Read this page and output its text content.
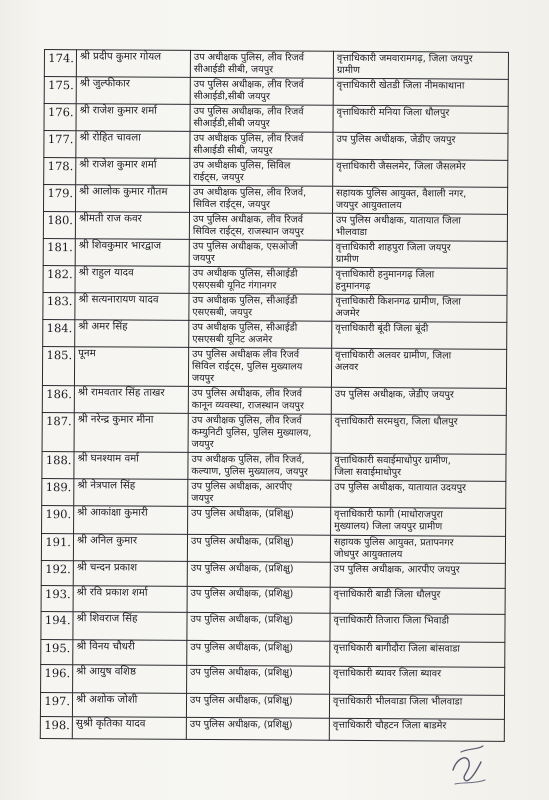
174.	श्री प्रदीप कुमार गोयल	उप अधीक्षक पुलिस, लीव रिजर्व
सीआईडी सीबी, जयपुर	वृत्ताधिकारी जमवारामगढ़, जिला जयपुर
ग्रामीण
175.	श्री जुल्फीकार	उप पुलिस अधीक्षक, लीव रिजर्व
सीआईडी,सीबी जयपुर	वृत्ताधिकारी खेतडी जिला नीमकाथाना
176.	श्री राजेश कुमार शर्मा	उप पुलिस अधीक्षक, लीव रिजर्व
सीआईडी,सीबी जयपुर	वृत्ताधिकारी मनिया जिला धौलपुर
177.	श्री रोहित चावला	उप अधीक्षक पुलिस, लीव रिजर्व
सीआईडी सीबी, जयपुर	उप पुलिस अधीक्षक, जेडीए जयपुर
178.	श्री राजेश कुमार शर्मा	उप अधीक्षक पुलिस, सिविल
राईट्स, जयपुर	वृत्ताधिकारी जैसलमेर, जिला जैसलमेर
179.	श्री आलोक कुमार गौतम	उप अधीक्षक पुलिस, लीव रिजर्व,
सिविल राईट्स, जयपुर	सहायक पुलिस आयुक्त, वैशाली नगर,
जयपुर आयुक्तालय
180.	श्रीमती राज कवर	उप पुलिस अधीक्षक, लीव रिजर्व
सिविल राईट्स, राजस्थान जयपुर	उप पुलिस अधीक्षक, यातायात जिला
भीलवाडा
181.	श्री शिवकुमार भारद्वाज	उप पुलिस अधीक्षक, एसओजी
जयपुर	वृत्ताधिकारी शाहपुरा जिला जयपुर
ग्रामीण
182.	श्री राहुल यादव	उप अधीक्षक पुलिस, सीआईडी
एसएसबी यूनिट गंगानगर	वृत्ताधिकारी हनुमानगढ़ जिला
हनुमानगढ़
183.	श्री सत्यनारायण यादव	उप अधीक्षक पुलिस, सीआईडी
एसएसबी, जयपुर	वृत्ताधिकारी किशनगढ ग्रामीण, जिला
अजमेर
184.	श्री अमर सिंह	उप अधीक्षक पुलिस, सीआईडी
एसएसबी यूनिट अजमेर	वृत्ताधिकारी बूंदी जिला बूंदी
185.	पूनम	उप पुलिस अधीक्षक लीव रिजर्व
सिविल राईट्स, पुलिस मुख्यालय
जयपुर	वृत्ताधिकारी अलवर ग्रामीण, जिला
अलवर
186.	श्री रामवतार सिंह ताखर	उप पुलिस अधीक्षक, लीव रिजर्व
कानून व्यवस्था, राजस्थान जयपुर	उप पुलिस अधीक्षक, जेडीए जयपुर
187.	श्री नरेन्द्र कुमार मीना	उप अधीक्षक पुलिस, लीव रिजर्व
कम्युनिटी पुलिस, पुलिस मुख्यालय,
जयपुर	वृत्ताधिकारी सरमथुरा, जिला धौलपुर
188.	श्री घनश्याम वर्मा	उप अधीक्षक पुलिस, लीव रिजर्व,
कल्याण, पुलिस मुख्यालय, जयपुर	वृत्ताधिकारी सवाईमाधोपुर ग्रामीण,
जिला सवाईमाधोपुर
189.	श्री नेत्रपाल सिंह	उप पुलिस अधीक्षक, आरपीए
जयपुर	उप पुलिस अधीक्षक, यातायात उदयपुर
190.	श्री आकांक्षा कुमारी	उप पुलिस अधीक्षक, (प्रशिक्षु)	वृत्ताधिकारी फागी (माधोराजपुरा
मुख्यालय) जिला जयपुर ग्रामीण
191.	श्री अनिल कुमार	उप पुलिस अधीक्षक, (प्रशिक्षु)	सहायक पुलिस आयुक्त, प्रतापनगर
जोधपुर आयुक्तालय
192.	श्री चन्दन प्रकाश	उप पुलिस अधीक्षक, (प्रशिक्षु)	उप पुलिस अधीक्षक, आरपीए जयपुर
193.	श्री रवि प्रकाश शर्मा	उप पुलिस अधीक्षक, (प्रशिक्षु)	वृत्ताधिकारी बाडी जिला धौलपुर
194.	श्री शिवराज सिंह	उप पुलिस अधीक्षक, (प्रशिक्षु)	वृत्ताधिकारी तिजारा जिला भिवाडी
195.	श्री विनय चौधरी	उप पुलिस अधीक्षक, (प्रशिक्षु)	वृत्ताधिकारी बागीदौरा जिला बांसवाडा
196.	श्री आयुष वशिष्ठ	उप पुलिस अधीक्षक, (प्रशिक्षु)	वृत्ताधिकारी ब्यावर जिला ब्यावर
197.	श्री अशोक जोशी	उप पुलिस अधीक्षक, (प्रशिक्षु)	वृत्ताधिकारी भीलवाडा जिला भीलवाडा
198.	सुश्री कृतिका यादव	उप पुलिस अधीक्षक, (प्रशिक्षु)	वृत्ताधिकारी चौहटन जिला बाडमेर
